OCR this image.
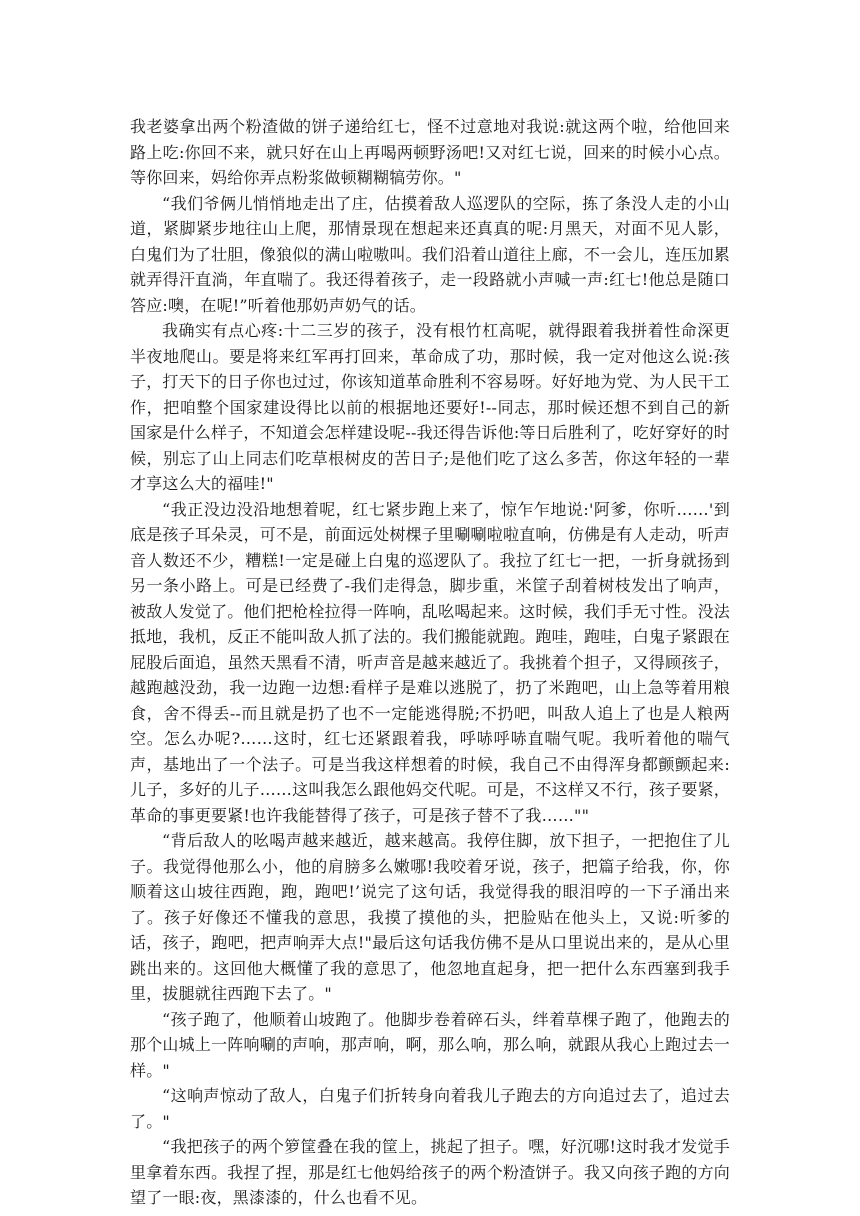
我老婆拿出两个粉渣做的饼子递给红七，怪不过意地对我说:就这两个啦，给他回来路上吃:你回不来，就只好在山上再喝两顿野汤吧!又对红七说，回来的时候小心点。等你回来，妈给你弄点粉浆做顿糊糊犒劳你。"

“我们爷俩儿悄悄地走出了庄，估摸着敌人巡逻队的空际，拣了条没人走的小山道，紧脚紧步地往山上爬，那情景现在想起来还真真的呢:月黑天，对面不见人影，白鬼们为了壮胆，像狼似的满山啦嗷叫。我们沿着山道往上廊，不一会儿，连压加累就弄得汗直淌，年直喘了。我还得着孩子，走一段路就小声喊一声:红七!他总是随口答应:噢，在呢!”听着他那奶声奶气的话。

我确实有点心疼:十二三岁的孩子，没有根竹杠高呢，就得跟着我拼着性命深更半夜地爬山。要是将来红军再打回来，革命成了功，那时候，我一定对他这么说:孩子，打天下的日子你也过过，你该知道革命胜利不容易呀。好好地为党、为人民干工作，把咱整个国家建设得比以前的根据地还要好!--同志，那时候还想不到自己的新国家是什么样子，不知道会怎样建设呢--我还得告诉他:等日后胜利了，吃好穿好的时候，别忘了山上同志们吃草根树皮的苦日子;是他们吃了这么多苦，你这年轻的一辈才享这么大的福哇!"

“我正没边没沿地想着呢，红七紧步跑上来了，惊乍乍地说:'阿爹，你听……'到底是孩子耳朵灵，可不是，前面远处树棵子里唰唰啦啦直响，仿佛是有人走动，听声音人数还不少，糟糕!一定是碰上白鬼的巡逻队了。我拉了红七一把，一折身就扬到另一条小路上。可是已经费了-我们走得急，脚步重，米筐子刮着树枝发出了响声，被敌人发觉了。他们把枪栓拉得一阵响，乱吆喝起来。这时候，我们手无寸性。没法抵地，我机，反正不能叫敌人抓了法的。我们搬能就跑。跑哇，跑哇，白鬼子紧跟在屁股后面追，虽然天黑看不清，听声音是越来越近了。我挑着个担子，又得顾孩子，越跑越没劲，我一边跑一边想:看样子是难以逃脱了，扔了米跑吧，山上急等着用粮食，舍不得丢--而且就是扔了也不一定能逃得脱;不扔吧，叫敌人追上了也是人粮两空。怎么办呢?……这时，红七还紧跟着我，呼哧呼哧直喘气呢。我听着他的喘气声，基地出了一个法子。可是当我这样想着的时候，我自己不由得浑身都颤颤起来:儿子，多好的儿子……这叫我怎么跟他妈交代呢。可是，不这样又不行，孩子要紧，革命的事更要紧!也许我能替得了孩子，可是孩子替不了我……""

“背后敌人的吆喝声越来越近，越来越高。我停住脚，放下担子，一把抱住了儿子。我觉得他那么小，他的肩膀多么嫩哪!我咬着牙说，孩子，把篇子给我，你，你顺着这山坡往西跑，跑，跑吧!’说完了这句话，我觉得我的眼泪哼的一下子涌出来了。孩子好像还不懂我的意思，我摸了摸他的头，把脸贴在他头上，又说:听爹的话，孩子，跑吧，把声响弄大点!"最后这句话我仿佛不是从口里说出来的，是从心里跳出来的。这回他大概懂了我的意思了，他忽地直起身，把一把什么东西塞到我手里，拔腿就往西跑下去了。"

“孩子跑了，他顺着山坡跑了。他脚步卷着碎石头，绊着草棵子跑了，他跑去的那个山城上一阵响唰的声响，那声响，啊，那么响，那么响，就跟从我心上跑过去一样。"

“这响声惊动了敌人，白鬼子们折转身向着我儿子跑去的方向追过去了，追过去了。"

“我把孩子的两个箩筐叠在我的筐上，挑起了担子。嘿，好沉哪!这时我才发觉手里拿着东西。我捏了捏，那是红七他妈给孩子的两个粉渣饼子。我又向孩子跑的方向望了一眼:夜，黑漆漆的，什么也看不见。
